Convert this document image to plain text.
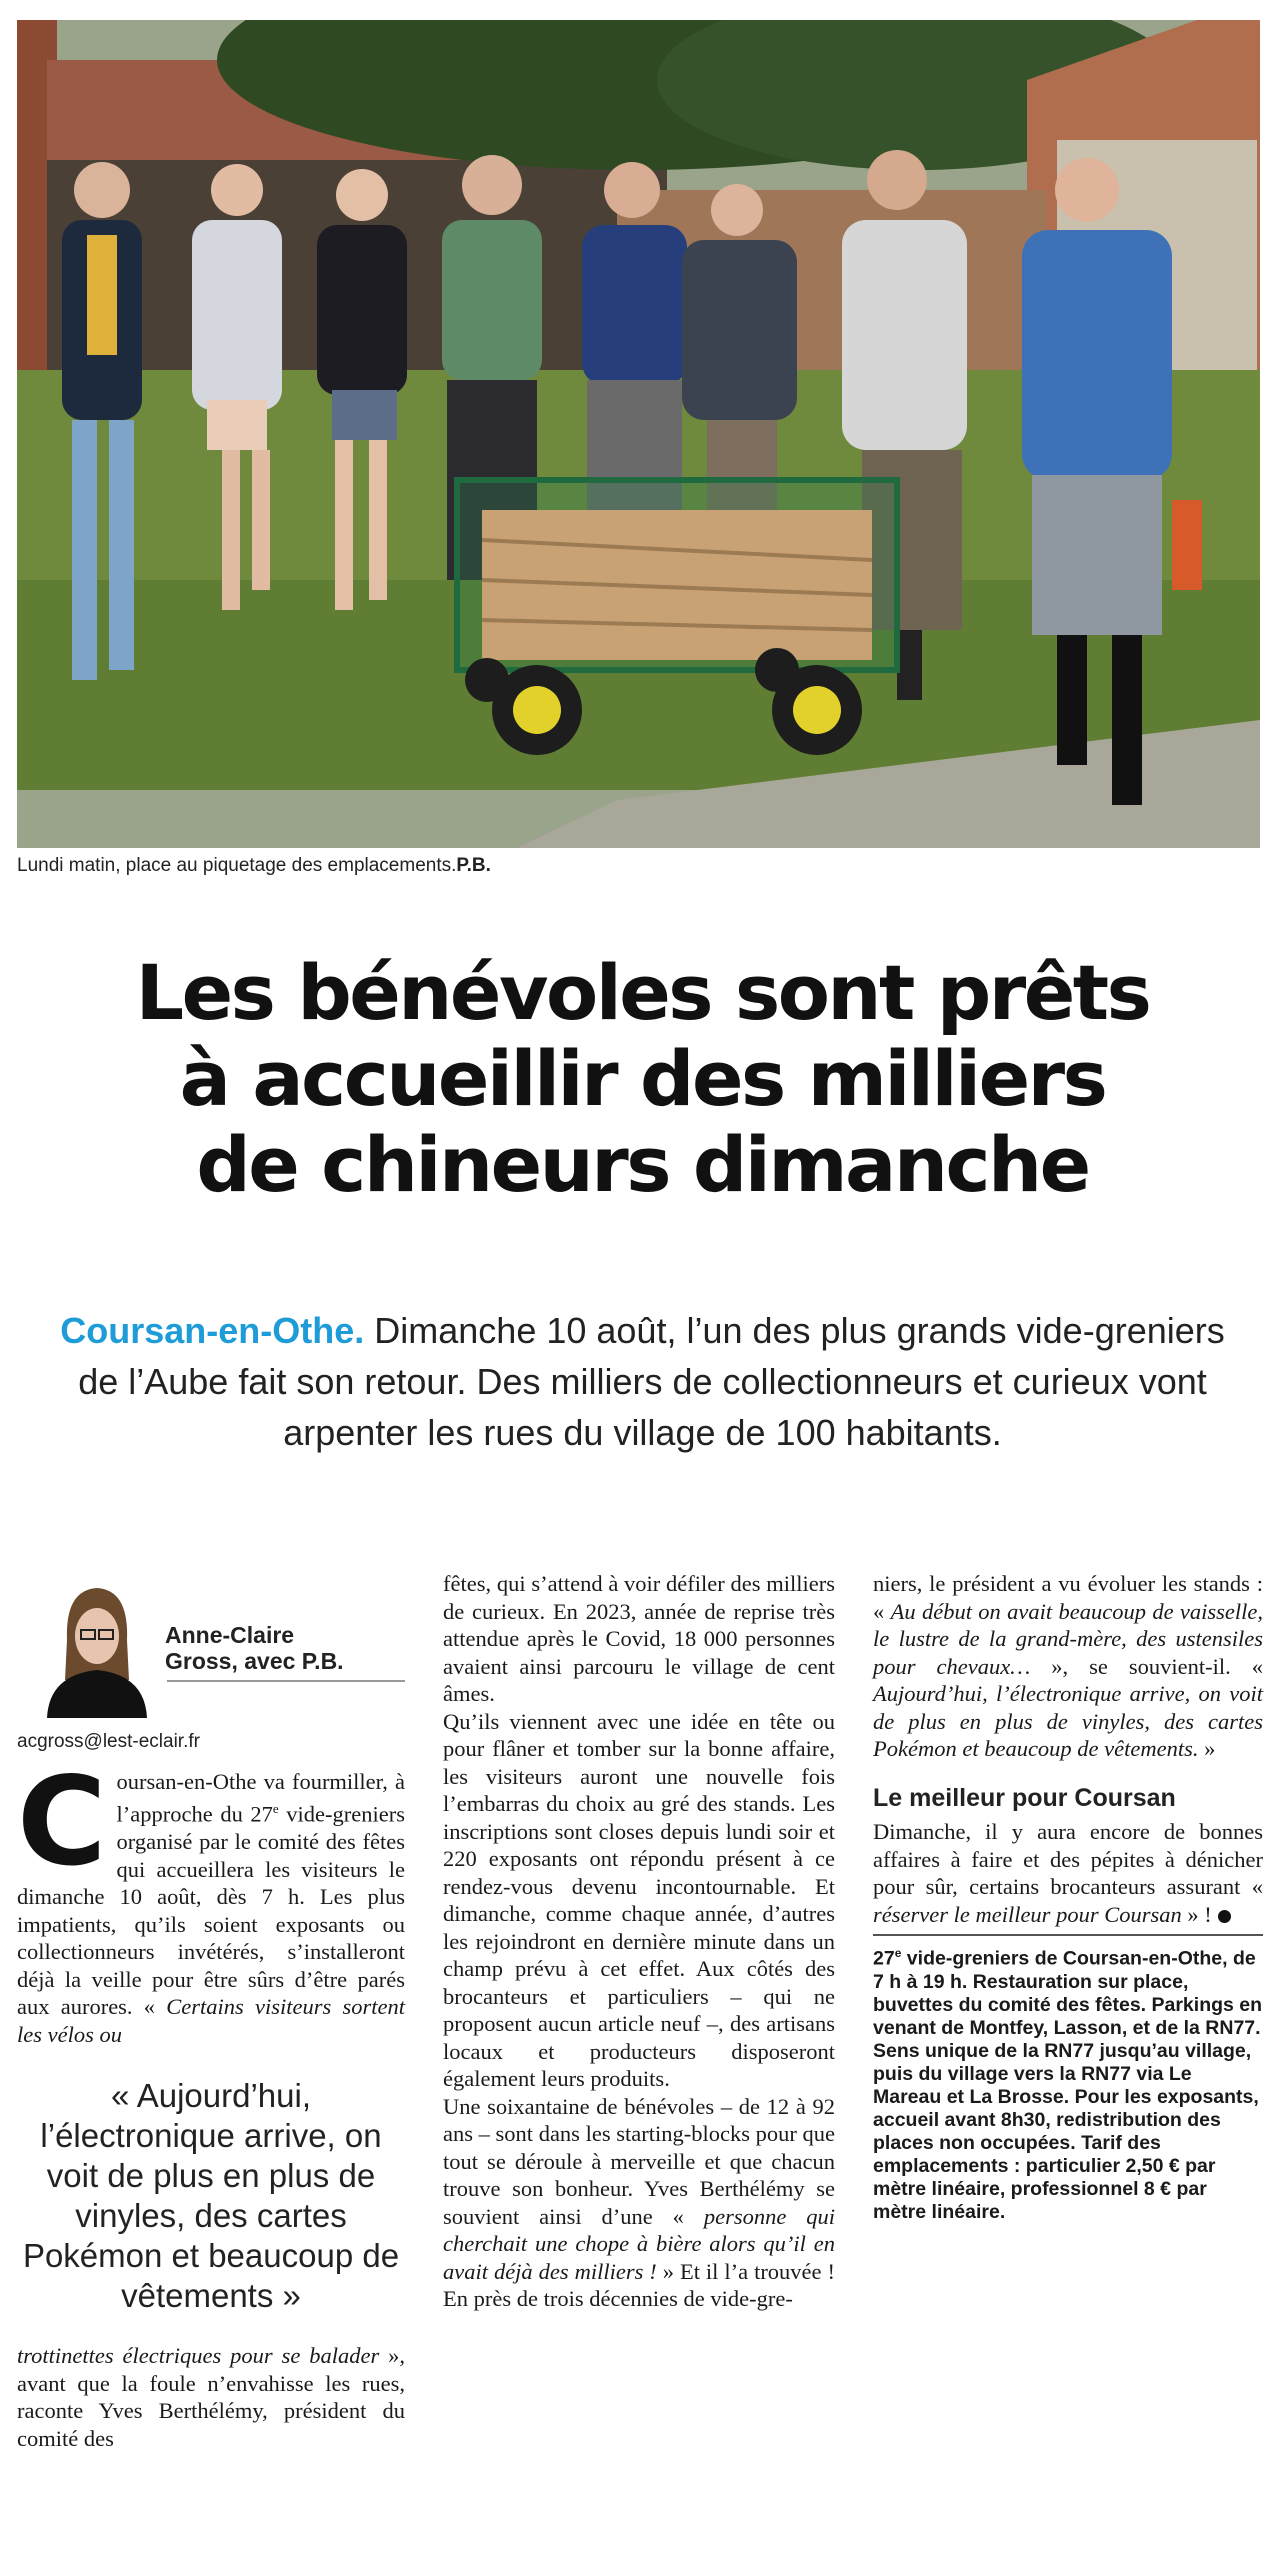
Lundi matin, place au piquetage des emplacements.P.B.
Les bénévoles sont prêts
à accueillir des milliers
de chineurs dimanche
Coursan-en-Othe. Dimanche 10 août, l’un des plus grands vide-greniers de l’Aube fait son retour. Des milliers de collectionneurs et curieux vont arpenter les rues du village de 100 habitants.
Anne-Claire
Gross, avec P.B.
acgross@lest-eclair.fr

Coursan-en-Othe va fourmiller, à l’approche du 27e vide-greniers organisé par le comité des fêtes qui accueillera les visiteurs le dimanche 10 août, dès 7 h. Les plus impatients, qu’ils soient exposants ou collectionneurs invétérés, s’installeront déjà la veille pour être sûrs d’être parés aux aurores. « Certains visiteurs sortent les vélos ou

« Aujourd’hui, l’électronique arrive, on voit de plus en plus de vinyles, des cartes Pokémon et beaucoup de vêtements »

trottinettes électriques pour se balader », avant que la foule n’envahisse les rues, raconte Yves Berthélémy, président du comité des

fêtes, qui s’attend à voir défiler des milliers de curieux. En 2023, année de reprise très attendue après le Covid, 18 000 personnes avaient ainsi parcouru le village de cent âmes.

Qu’ils viennent avec une idée en tête ou pour flâner et tomber sur la bonne affaire, les visiteurs auront une nouvelle fois l’embarras du choix au gré des stands. Les inscriptions sont closes depuis lundi soir et 220 exposants ont répondu présent à ce rendez-vous devenu incontournable. Et dimanche, comme chaque année, d’autres les rejoindront en dernière minute dans un champ prévu à cet effet. Aux côtés des brocanteurs et particuliers – qui ne proposent aucun article neuf –, des artisans locaux et producteurs disposeront également leurs produits.

Une soixantaine de bénévoles – de 12 à 92 ans – sont dans les starting-blocks pour que tout se déroule à merveille et que chacun trouve son bonheur. Yves Berthélémy se souvient ainsi d’une « personne qui cherchait une chope à bière alors qu’il en avait déjà des milliers ! » Et il l’a trouvée ! En près de trois décennies de vide-gre-

niers, le président a vu évoluer les stands : « Au début on avait beaucoup de vaisselle, le lustre de la grand-mère, des ustensiles pour chevaux… », se souvient-il. « Aujourd’hui, l’électronique arrive, on voit de plus en plus de vinyles, des cartes Pokémon et beaucoup de vêtements. »

Le meilleur pour Coursan

Dimanche, il y aura encore de bonnes affaires à faire et des pépites à dénicher pour sûr, certains brocanteurs assurant « réserver le meilleur pour Coursan » !

27e vide-greniers de Coursan-en-Othe, de 7 h à 19 h. Restauration sur place, buvettes du comité des fêtes. Parkings en venant de Montfey, Lasson, et de la RN77. Sens unique de la RN77 jusqu’au village, puis du village vers la RN77 via Le Mareau et La Brosse. Pour les exposants, accueil avant 8h30, redistribution des places non occupées. Tarif des emplacements : particulier 2,50 € par mètre linéaire, professionnel 8 € par mètre linéaire.
